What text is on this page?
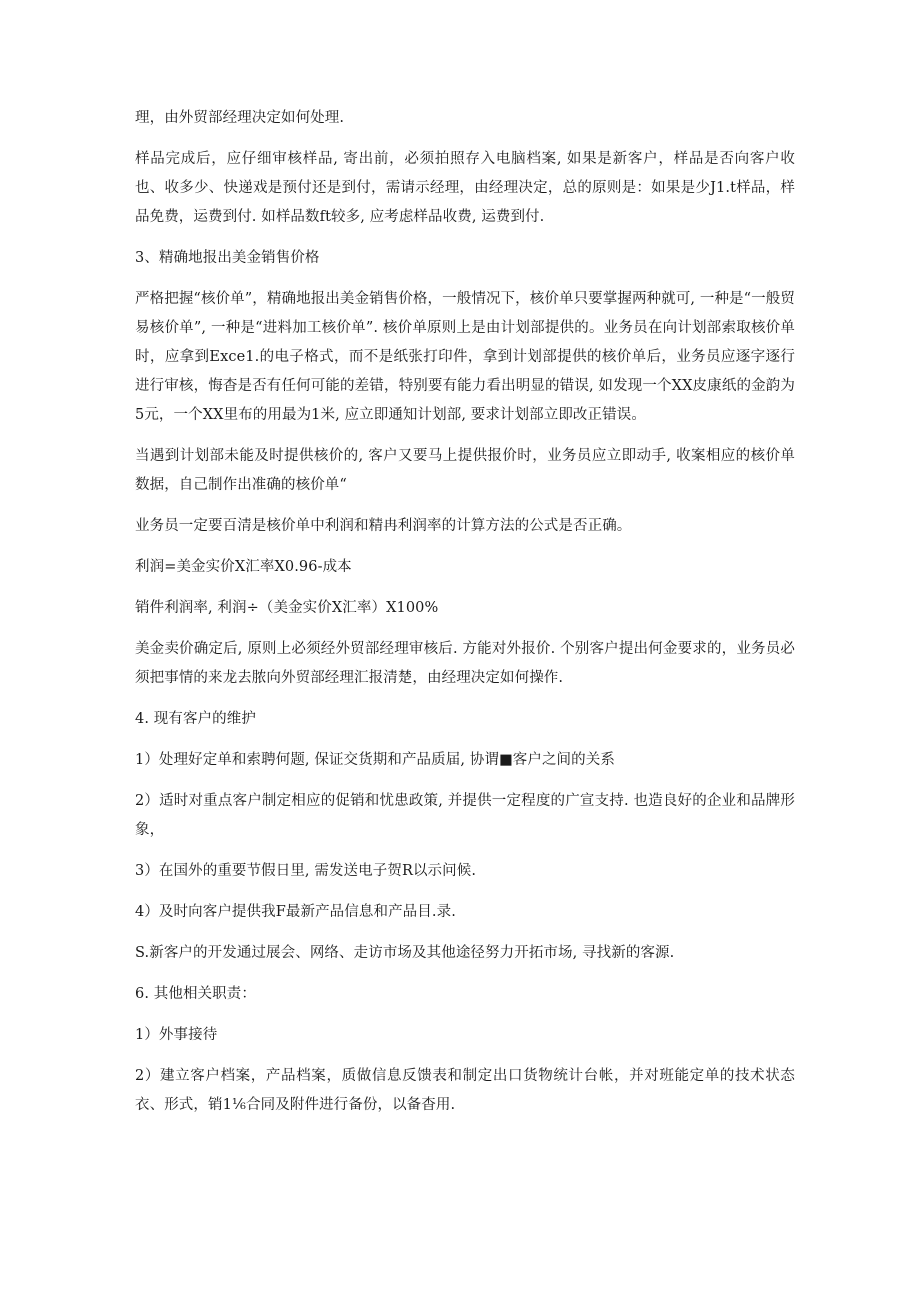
理，由外贸部经理决定如何处理.

样品完成后，应仔细审核样品, 寄出前，必须拍照存入电脑档案, 如果是新客户，样品是否向客户收也、收多少、快递戏是预付还是到付，需请示经理，由经理决定，总的原则是：如果是少J1.t样品，样品免费，运费到付. 如样品数ft较多, 应考虑样品收费, 运费到付.

3、精确地报出美金销售价格

严格把握“核价单”，精确地报出美金销售价格，一般情况下，核价单只要掌握两种就可, 一种是“一般贸易核价单”, 一种是“进料加工核价单”. 核价单原则上是由计划部提供的。业务员在向计划部索取核价单时，应拿到Exce1.的电子格式，而不是纸张打印件，拿到计划部提供的核价单后，业务员应逐字逐行进行审核，悔杳是否有任何可能的差错，特别要有能力看出明显的错误, 如发现一个XX皮康纸的金韵为5元，一个XX里布的用最为1米, 应立即通知计划部, 要求计划部立即改正错误。

当遇到计划部未能及时提供核价的, 客户又要马上提供报价时，业务员应立即动手, 收案相应的核价单数据，自己制作出准确的核价单“

业务员一定要百清是核价单中利润和精冉利润率的计算方法的公式是否正确。

利润=美金实价X汇率X0.96-成本

销件利润率, 利润÷（美金实价X汇率）X100%

美金卖价确定后, 原则上必须经外贸部经理审核后. 方能对外报价. 个别客户提出何金要求的，业务员必须把事情的来龙去脓向外贸部经理汇报清楚，由经理决定如何操作.

4. 现有客户的维护

1）处理好定单和索聘何题, 保证交货期和产品质届, 协谓■客户之间的关系

2）适时对重点客户制定相应的促销和忧患政策, 并提供一定程度的广宣支持. 也造良好的企业和品牌形象，

3）在国外的重要节假日里, 需发送电子贺R以示问候.

4）及时向客户提供我F最新产品信息和产品目.录.

S.新客户的开发通过展会、网络、走访市场及其他途径努力开拓市场, 寻找新的客源.

6. 其他相关职责：

1）外事接待

2）建立客户档案，产品档案，质做信息反馈表和制定出口货物统计台帐，并对班能定单的技术状态衣、形式，销1⅙合同及附件进行备份，以备杳用.
